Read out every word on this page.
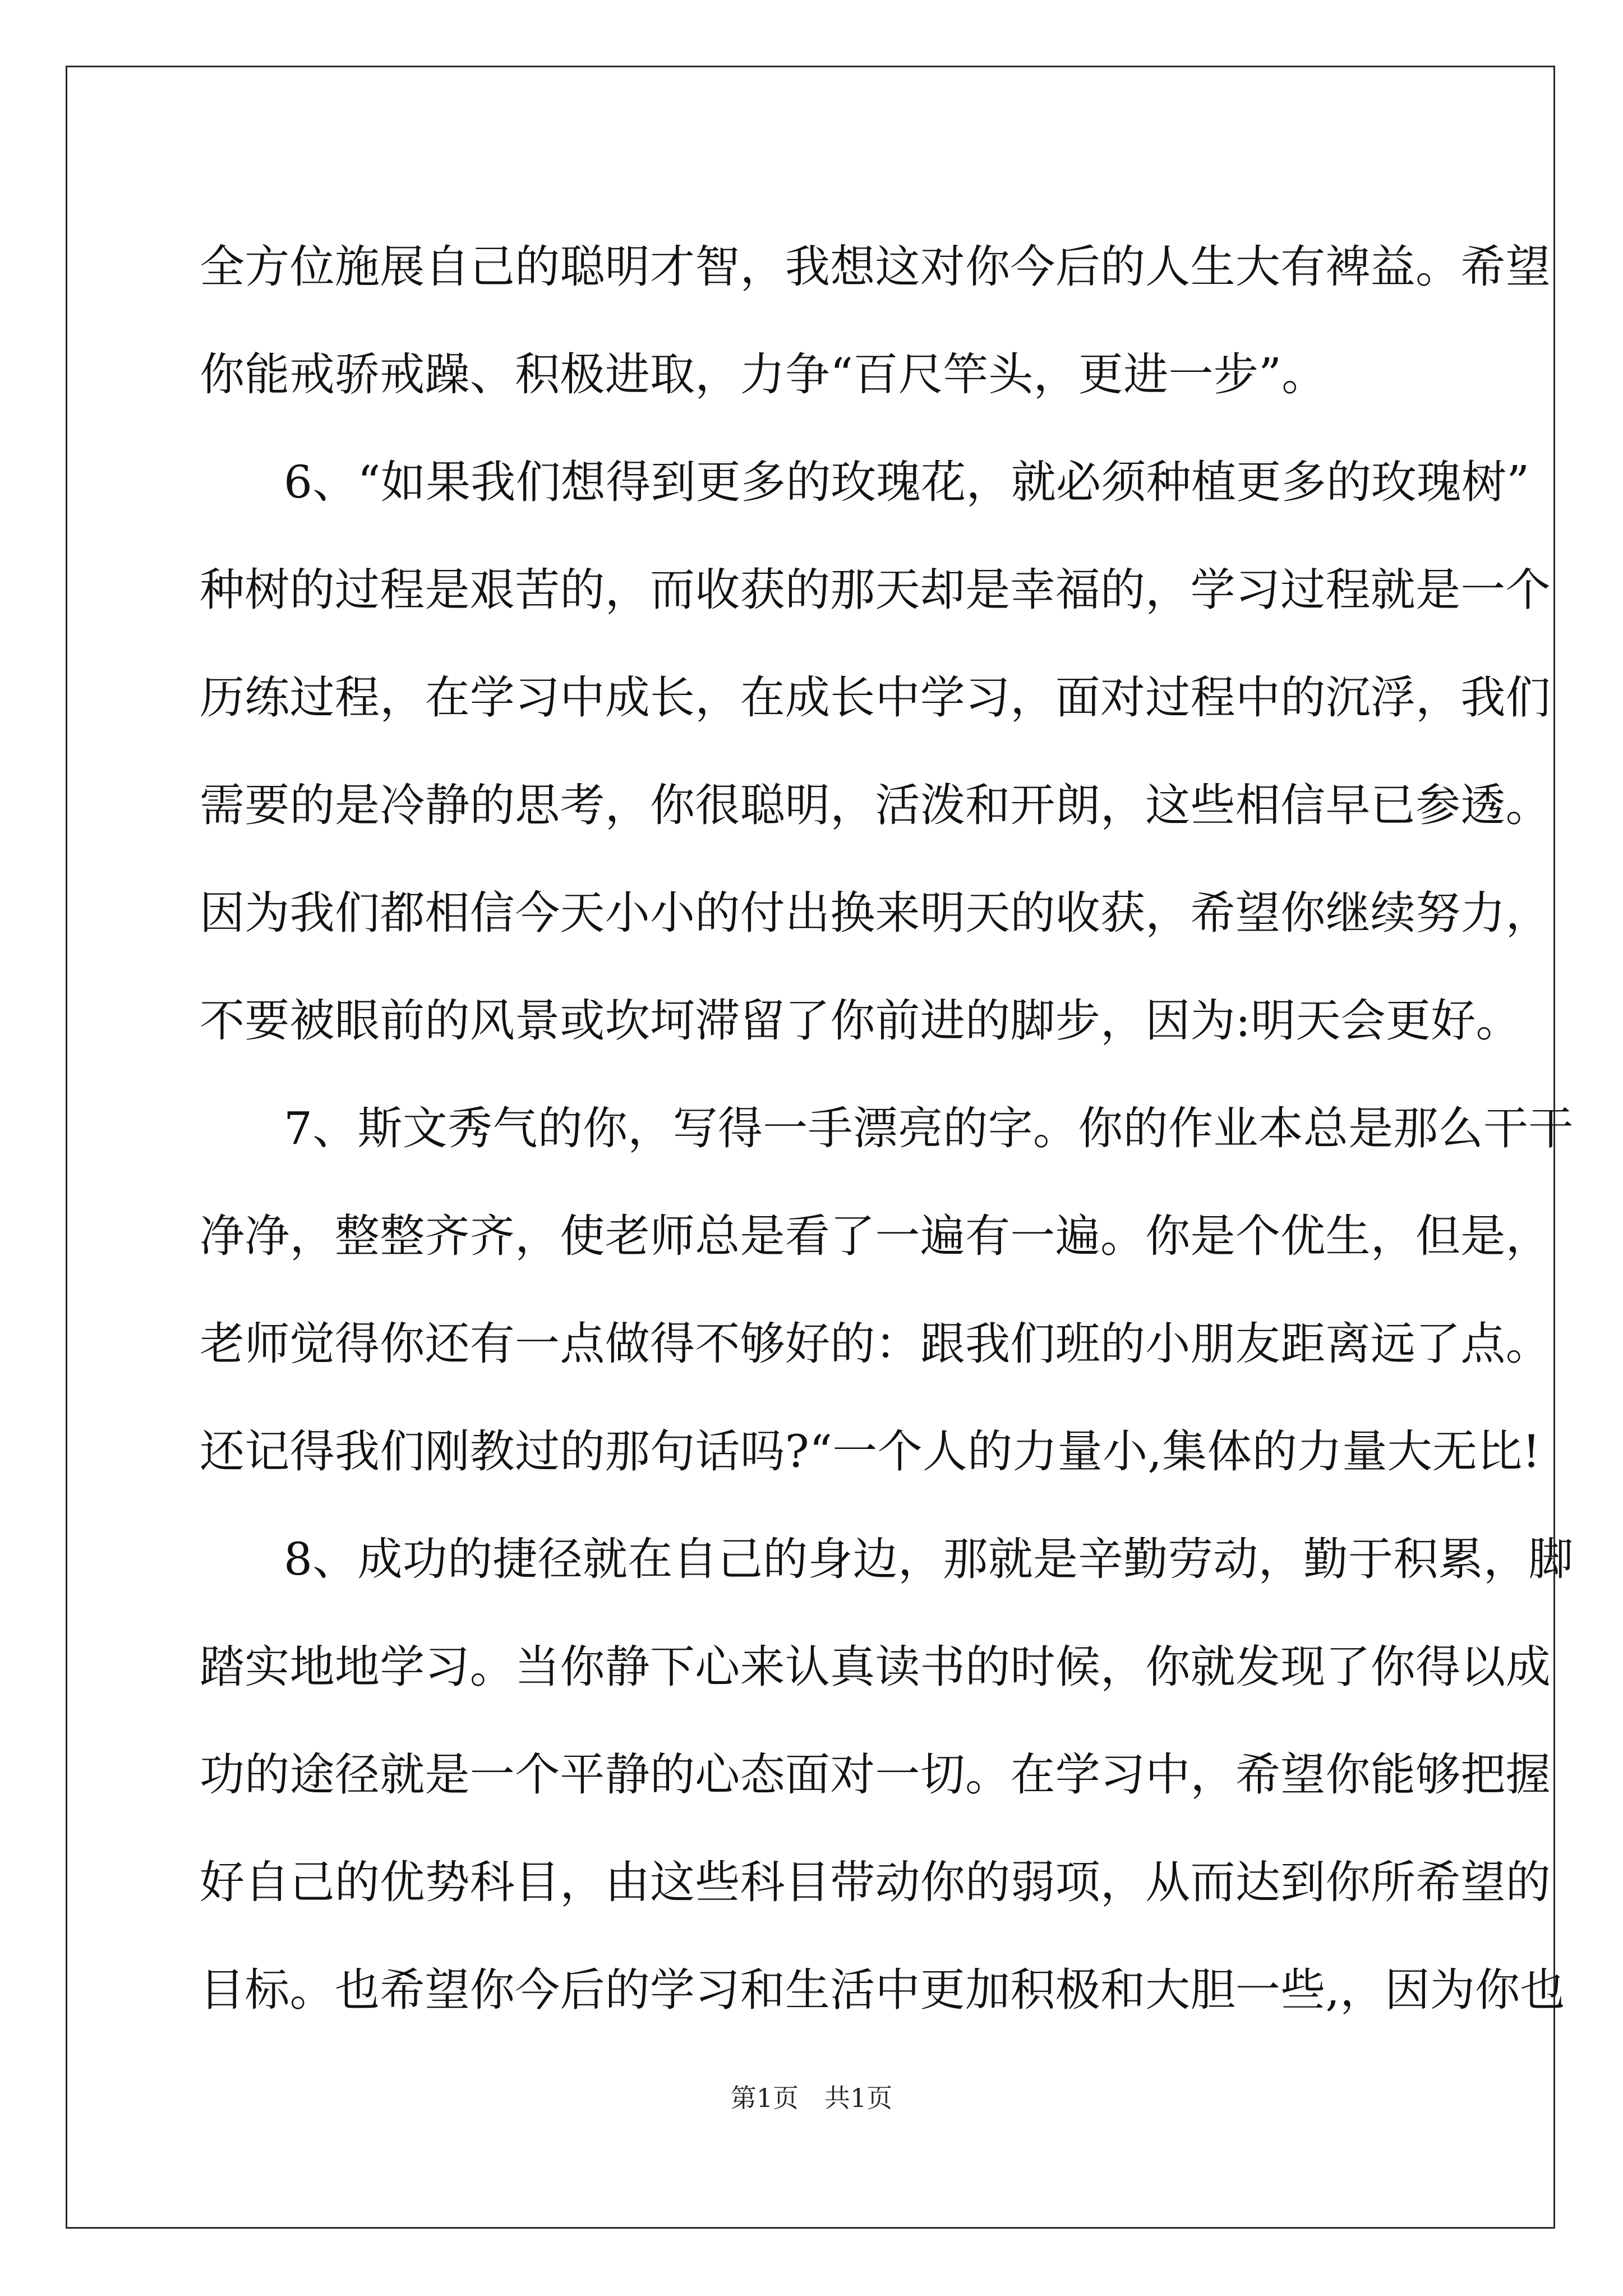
全方位施展自己的聪明才智，我想这对你今后的人生大有裨益。希望
你能戒骄戒躁、积极进取，力争“百尺竿头，更进一步”。
6、“如果我们想得到更多的玫瑰花，就必须种植更多的玫瑰树”
种树的过程是艰苦的，而收获的那天却是幸福的，学习过程就是一个
历练过程，在学习中成长，在成长中学习，面对过程中的沉浮，我们
需要的是冷静的思考，你很聪明，活泼和开朗，这些相信早已参透。
因为我们都相信今天小小的付出换来明天的收获，希望你继续努力，
不要被眼前的风景或坎坷滞留了你前进的脚步，因为:明天会更好。
7、斯文秀气的你，写得一手漂亮的字。你的作业本总是那么干干
净净，整整齐齐，使老师总是看了一遍有一遍。你是个优生，但是，
老师觉得你还有一点做得不够好的：跟我们班的小朋友距离远了点。
还记得我们刚教过的那句话吗?“一个人的力量小,集体的力量大无比!
8、成功的捷径就在自己的身边，那就是辛勤劳动，勤于积累，脚
踏实地地学习。当你静下心来认真读书的时候，你就发现了你得以成
功的途径就是一个平静的心态面对一切。在学习中，希望你能够把握
好自己的优势科目，由这些科目带动你的弱项，从而达到你所希望的
目标。也希望你今后的学习和生活中更加积极和大胆一些,，因为你也
第1页　共1页
